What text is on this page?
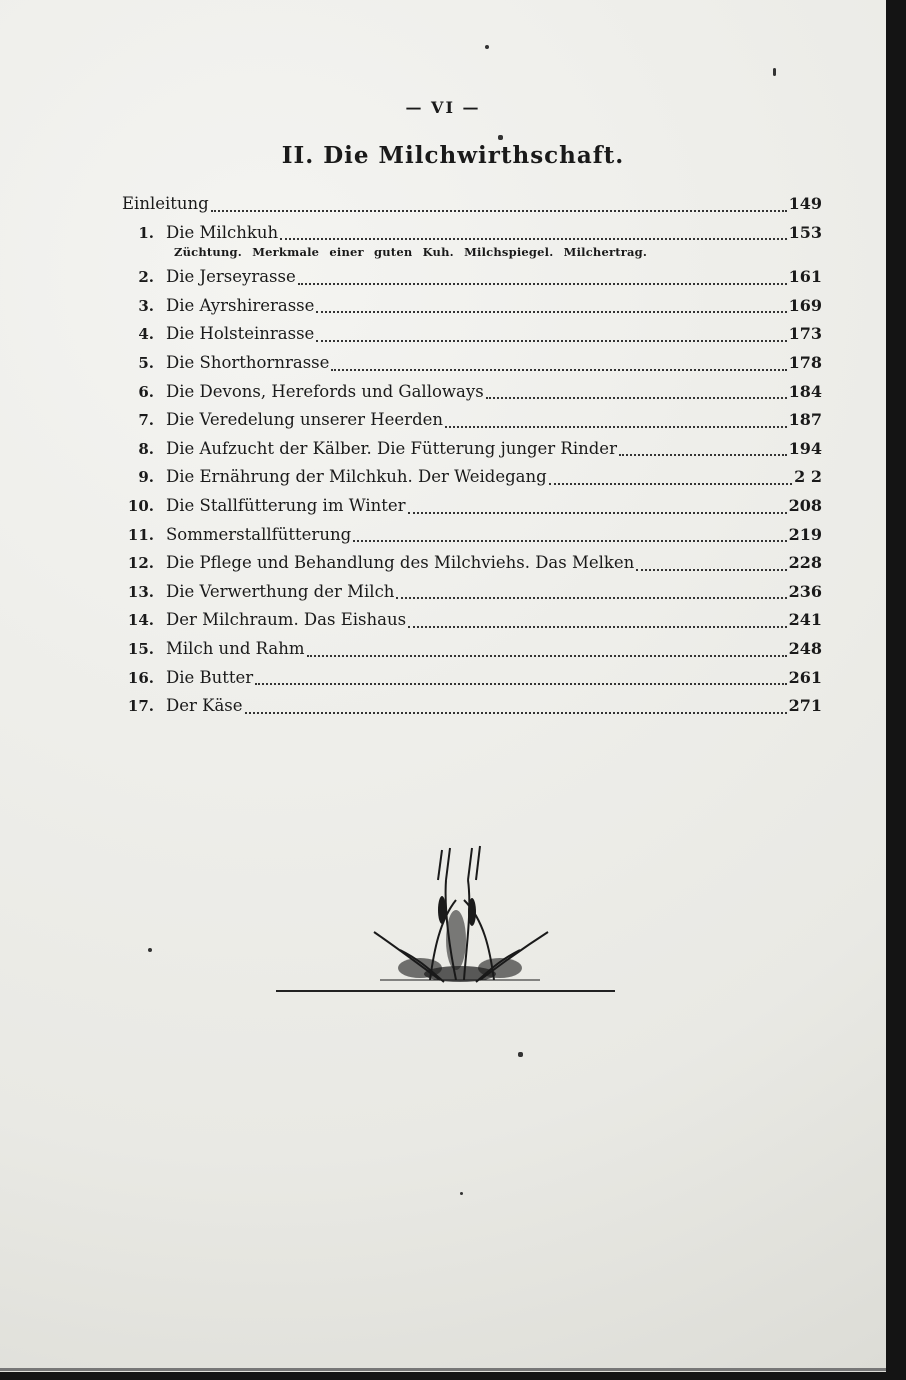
— VI —
II. Die Milchwirthschaft.
Einleitung	149
1. Die Milchkuh	153
Züchtung. Merkmale einer guten Kuh. Milchspiegel. Milchertrag.
2. Die Jerseyrasse	161
3. Die Ayrshirerasse	169
4. Die Holsteinrasse	173
5. Die Shorthornrasse	178
6. Die Devons, Herefords und Galloways	184
7. Die Veredelung unserer Heerden	187
8. Die Aufzucht der Kälber. Die Fütterung junger Rinder	194
9. Die Ernährung der Milchkuh. Der Weidegang	2 2
10. Die Stallfütterung im Winter	208
11. Sommerstallfütterung	219
12. Die Pflege und Behandlung des Milchviehs. Das Melken	228
13. Die Verwerthung der Milch	236
14. Der Milchraum. Das Eishaus	241
15. Milch und Rahm	248
16. Die Butter	261
17. Der Käse	271
